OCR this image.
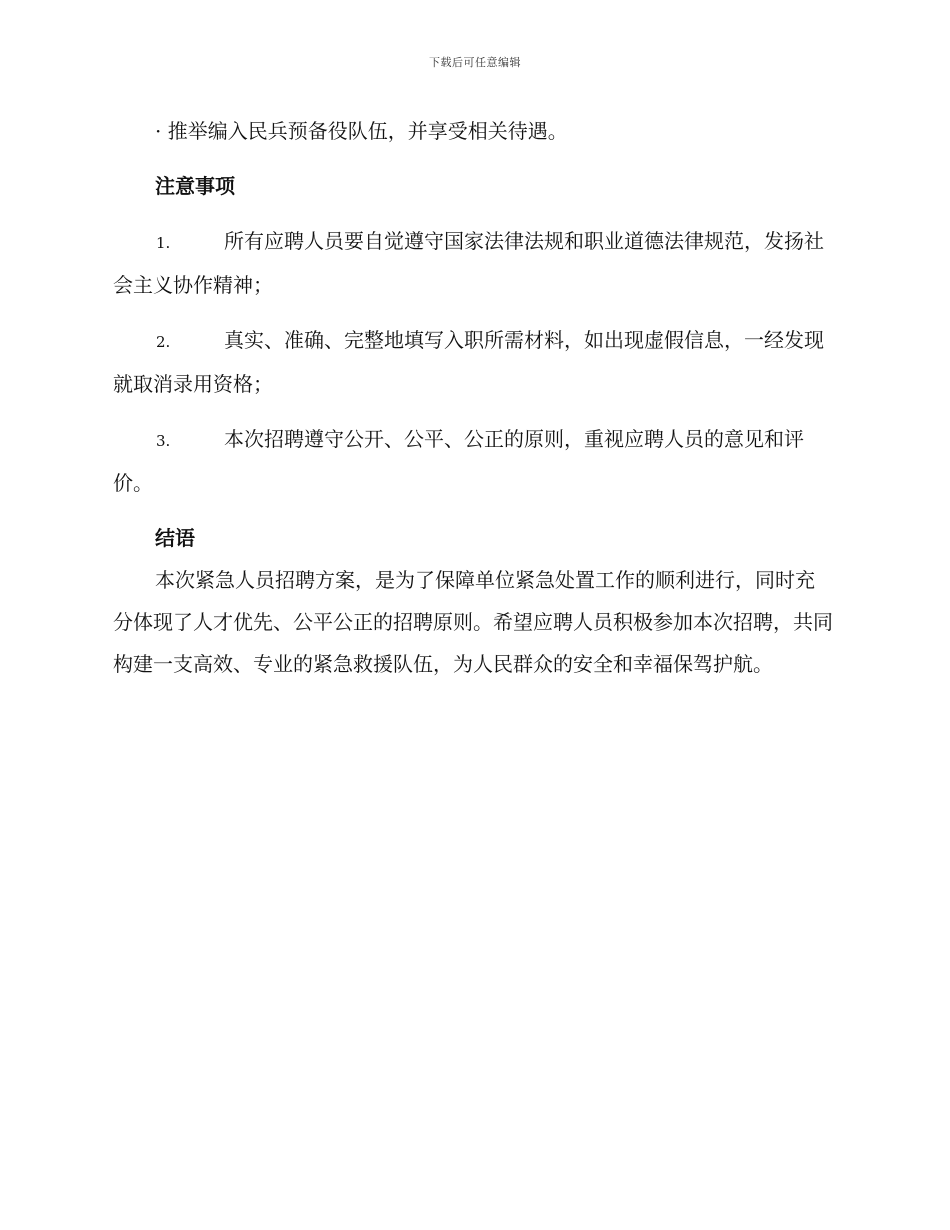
下载后可任意编辑

· 推举编入民兵预备役队伍，并享受相关待遇。

注意事项

1.	所有应聘人员要自觉遵守国家法律法规和职业道德法律规范，发扬社会主义协作精神；

2.	真实、准确、完整地填写入职所需材料，如出现虚假信息，一经发现就取消录用资格；

3.	本次招聘遵守公开、公平、公正的原则，重视应聘人员的意见和评价。

结语

本次紧急人员招聘方案，是为了保障单位紧急处置工作的顺利进行，同时充分体现了人才优先、公平公正的招聘原则。希望应聘人员积极参加本次招聘，共同构建一支高效、专业的紧急救援队伍，为人民群众的安全和幸福保驾护航。
